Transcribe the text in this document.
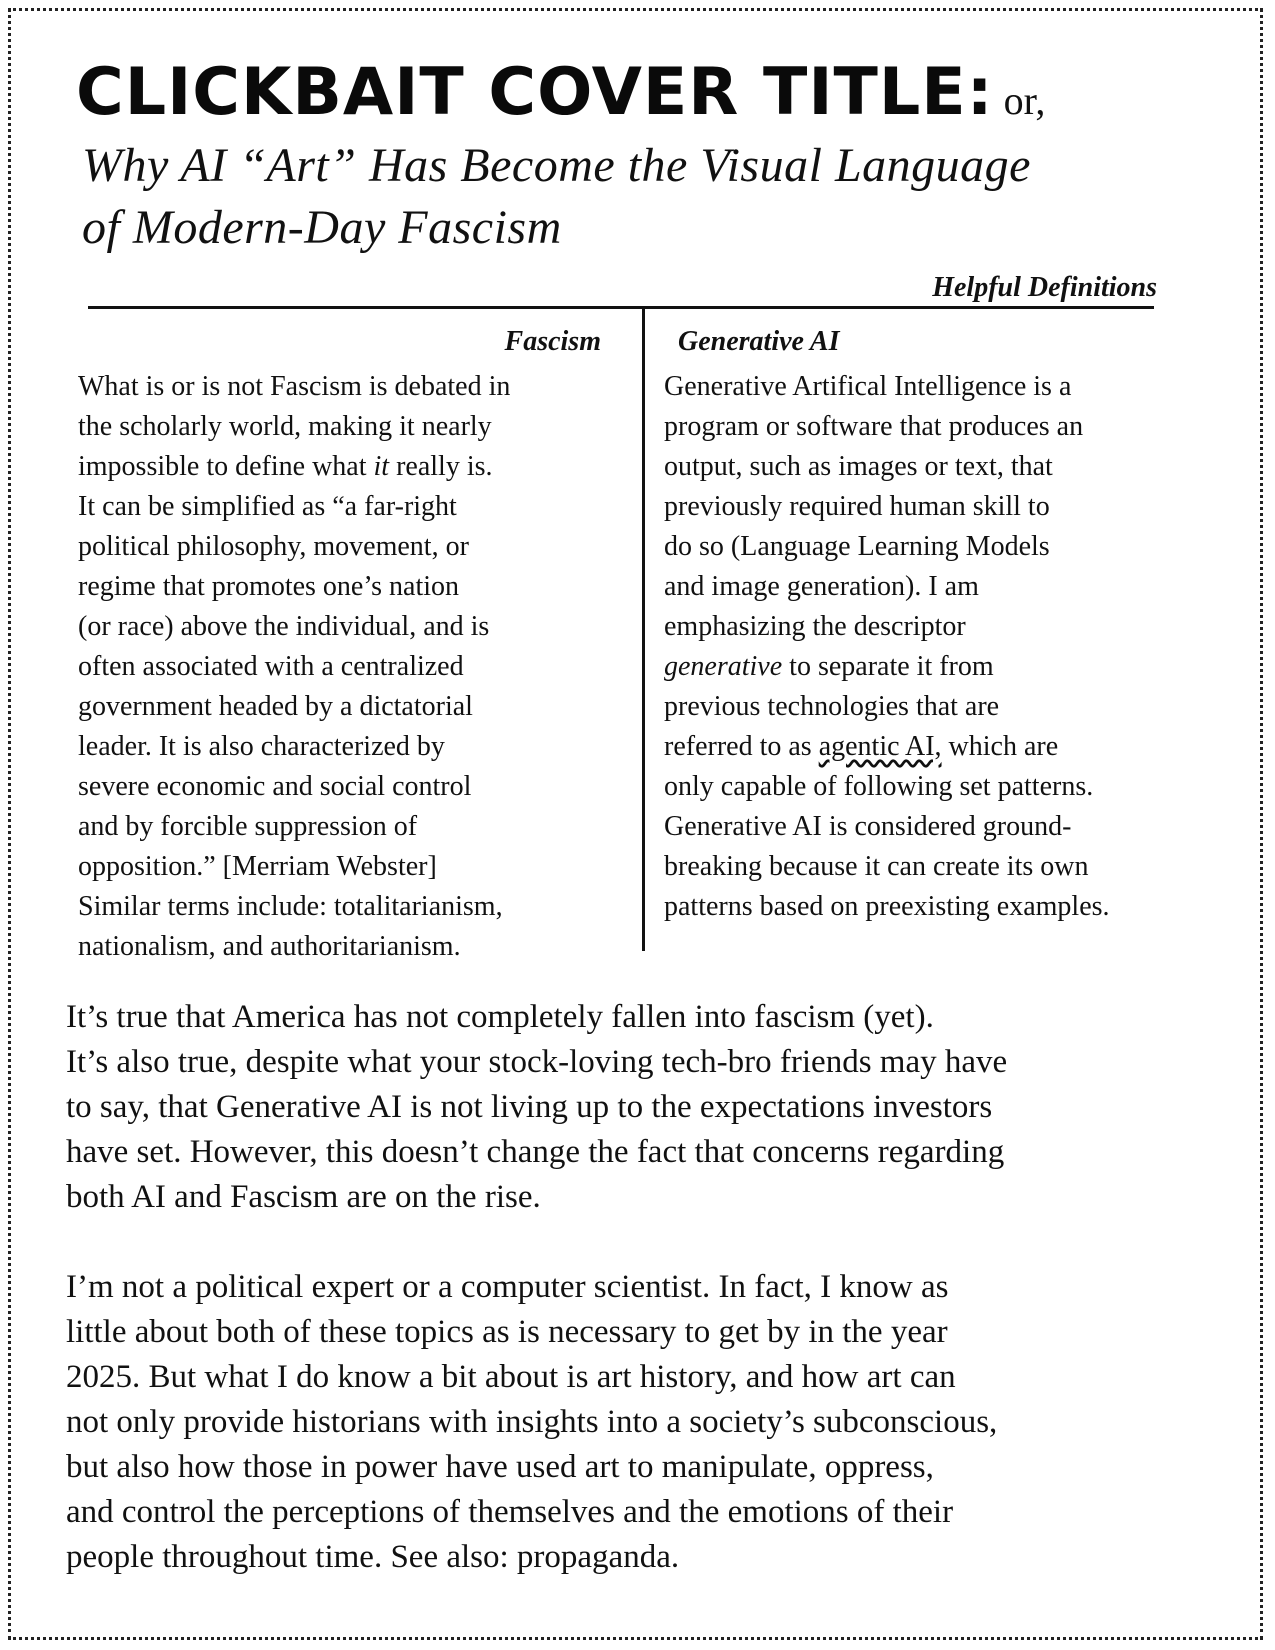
CLICKBAIT COVER TITLE: or,
Why AI “Art” Has Become the Visual Language
of Modern-Day Fascism
Helpful Definitions
Fascism	Generative AI
What is or is not Fascism is debated in
the scholarly world, making it nearly
impossible to define what it really is.
It can be simplified as “a far-right
political philosophy, movement, or
regime that promotes one’s nation
(or race) above the individual, and is
often associated with a centralized
government headed by a dictatorial
leader. It is also characterized by
severe economic and social control
and by forcible suppression of
opposition.” [Merriam Webster]
Similar terms include: totalitarianism,
nationalism, and authoritarianism.
Generative Artifical Intelligence is a
program or software that produces an
output, such as images or text, that
previously required human skill to
do so (Language Learning Models
and image generation). I am
emphasizing the descriptor
generative to separate it from
previous technologies that are
referred to as agentic AI, which are
only capable of following set patterns.
Generative AI is considered ground-
breaking because it can create its own
patterns based on preexisting examples.
It’s true that America has not completely fallen into fascism (yet).
It’s also true, despite what your stock-loving tech-bro friends may have
to say, that Generative AI is not living up to the expectations investors
have set. However, this doesn’t change the fact that concerns regarding
both AI and Fascism are on the rise.
I’m not a political expert or a computer scientist. In fact, I know as
little about both of these topics as is necessary to get by in the year
2025. But what I do know a bit about is art history, and how art can
not only provide historians with insights into a society’s subconscious,
but also how those in power have used art to manipulate, oppress,
and control the perceptions of themselves and the emotions of their
people throughout time. See also: propaganda.
